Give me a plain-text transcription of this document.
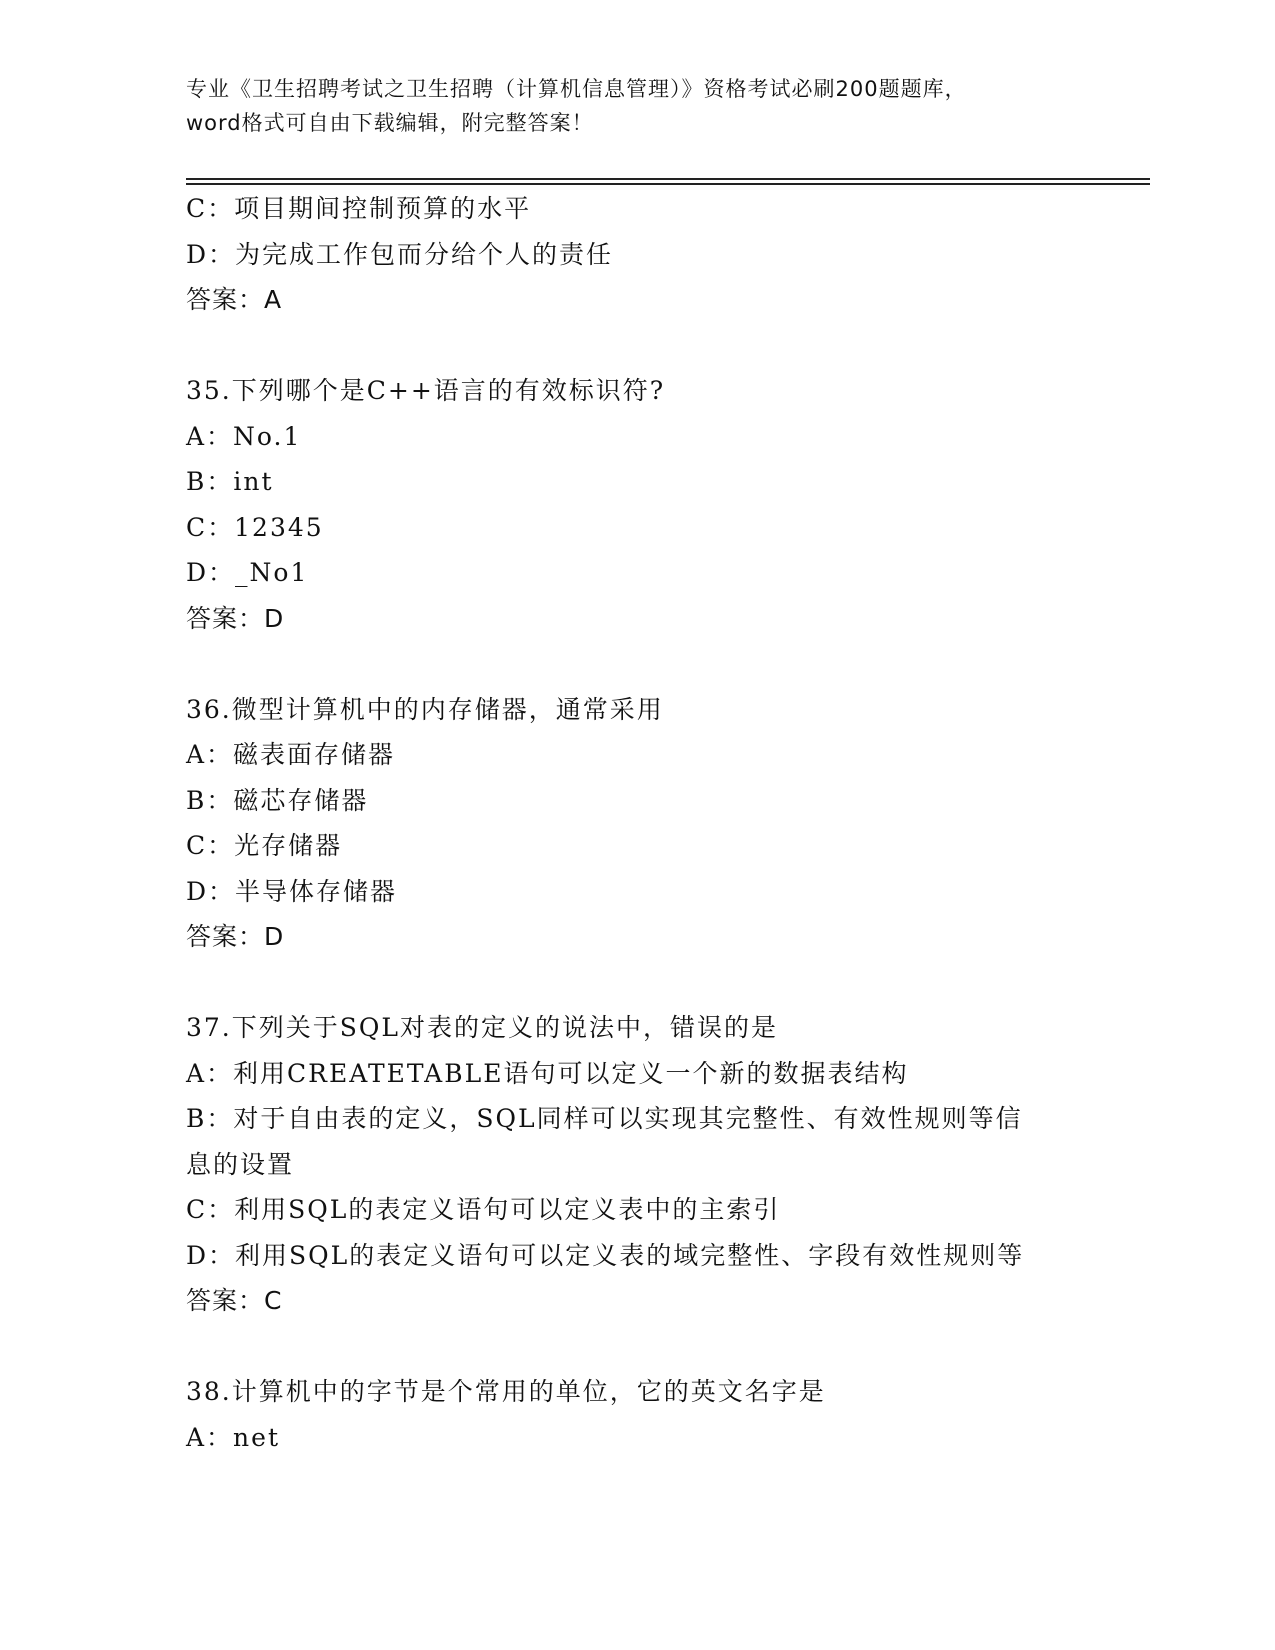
专业《卫生招聘考试之卫生招聘（计算机信息管理）》资格考试必刷200题题库，
word格式可自由下载编辑，附完整答案！
C：项目期间控制预算的水平
D：为完成工作包而分给个人的责任
答案：A
35.下列哪个是C++语言的有效标识符?
A：No.1
B：int
C：12345
D：_No1
答案：D
36.微型计算机中的内存储器，通常采用
A：磁表面存储器
B：磁芯存储器
C：光存储器
D：半导体存储器
答案：D
37.下列关于SQL对表的定义的说法中，错误的是
A：利用CREATETABLE语句可以定义一个新的数据表结构
B：对于自由表的定义，SQL同样可以实现其完整性、有效性规则等信
息的设置
C：利用SQL的表定义语句可以定义表中的主索引
D：利用SQL的表定义语句可以定义表的域完整性、字段有效性规则等
答案：C
38.计算机中的字节是个常用的单位，它的英文名字是
A：net
